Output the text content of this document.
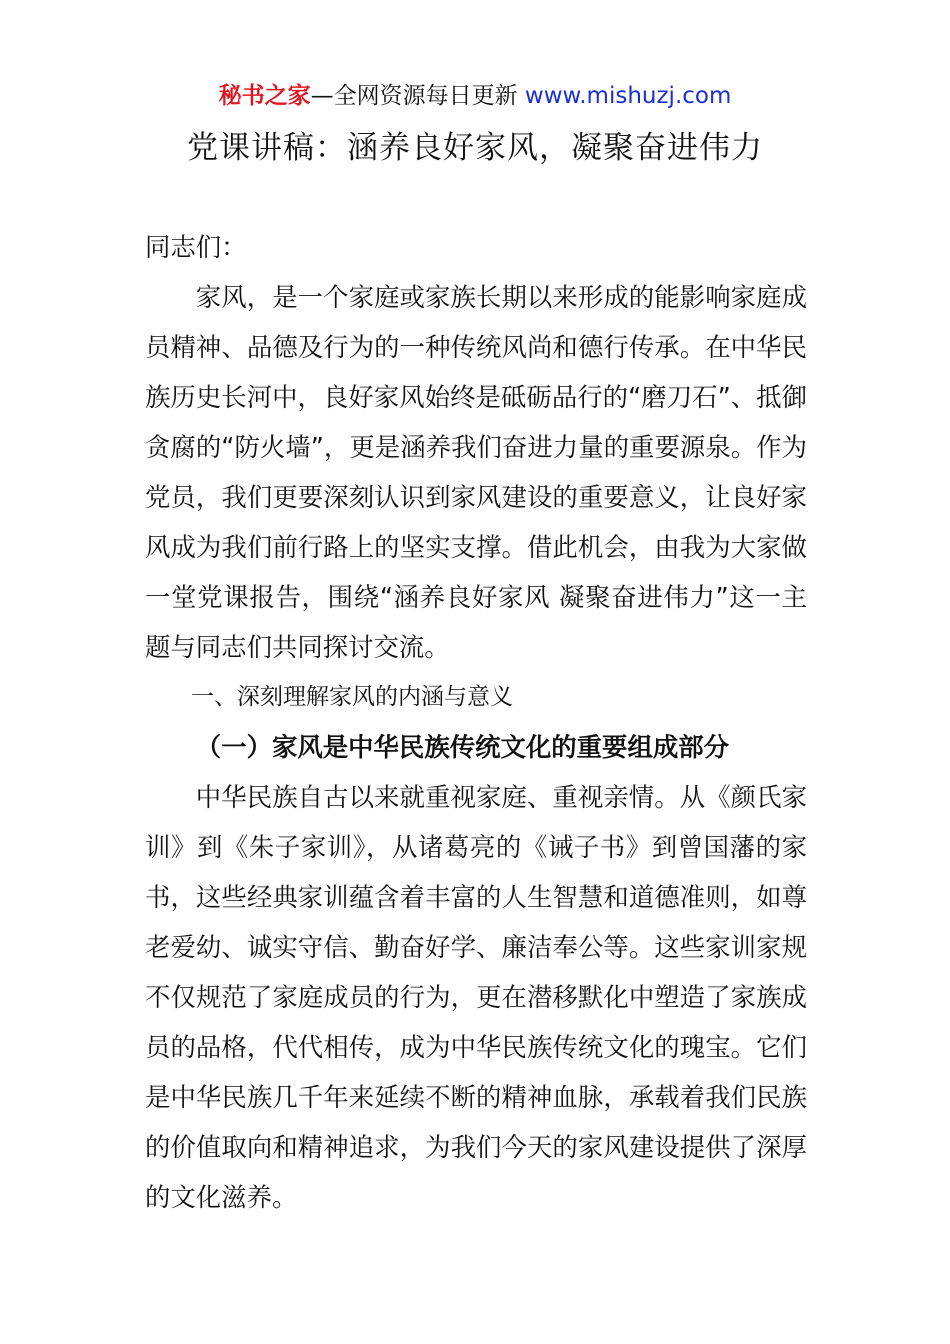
秘书之家—全网资源每日更新 www.mishuzj.com
党课讲稿：涵养良好家风，凝聚奋进伟力

同志们：

家风，是一个家庭或家族长期以来形成的能影响家庭成员精神、品德及行为的一种传统风尚和德行传承。在中华民族历史长河中，良好家风始终是砥砺品行的“磨刀石”、抵御贪腐的“防火墙”，更是涵养我们奋进力量的重要源泉。作为党员，我们更要深刻认识到家风建设的重要意义，让良好家风成为我们前行路上的坚实支撑。借此机会，由我为大家做一堂党课报告，围绕“涵养良好家风 凝聚奋进伟力”这一主题与同志们共同探讨交流。

一、深刻理解家风的内涵与意义

（一）家风是中华民族传统文化的重要组成部分

中华民族自古以来就重视家庭、重视亲情。从《颜氏家训》到《朱子家训》，从诸葛亮的《诫子书》到曾国藩的家书，这些经典家训蕴含着丰富的人生智慧和道德准则，如尊老爱幼、诚实守信、勤奋好学、廉洁奉公等。这些家训家规不仅规范了家庭成员的行为，更在潜移默化中塑造了家族成员的品格，代代相传，成为中华民族传统文化的瑰宝。它们是中华民族几千年来延续不断的精神血脉，承载着我们民族的价值取向和精神追求，为我们今天的家风建设提供了深厚的文化滋养。
